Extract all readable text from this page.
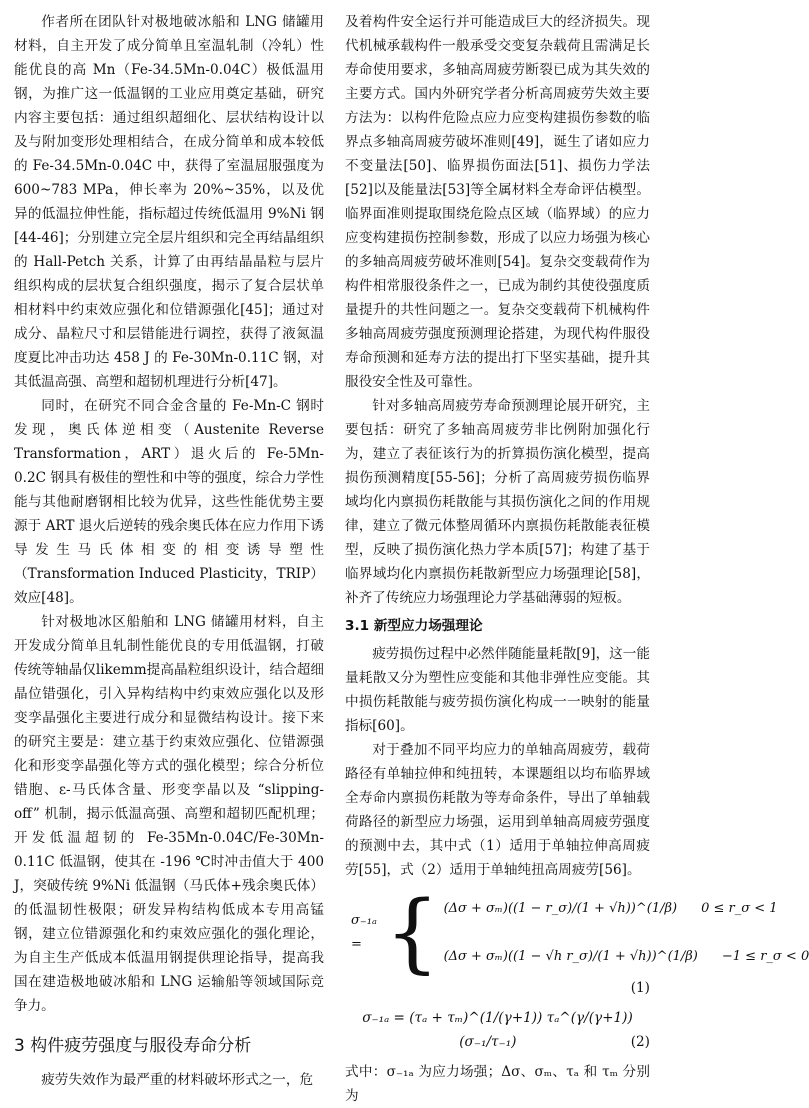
作者所在团队针对极地破冰船和 LNG 储罐用材料，自主开发了成分简单且室温轧制（冷轧）性能优良的高 Mn（Fe-34.5Mn-0.04C）极低温用钢，为推广这一低温钢的工业应用奠定基础，研究内容主要包括：通过组织超细化、层状结构设计以及与附加变形处理相结合，在成分简单和成本较低的 Fe-34.5Mn-0.04C 中，获得了室温屈服强度为 600~783 MPa，伸长率为 20%~35%，以及优异的低温拉伸性能，指标超过传统低温用 9%Ni 钢[44-46]；分别建立完全层片组织和完全再结晶组织的 Hall-Petch 关系，计算了由再结晶晶粒与层片组织构成的层状复合组织强度，揭示了复合层状单相材料中约束效应强化和位错源强化[45]；通过对成分、晶粒尺寸和层错能进行调控，获得了液氮温度夏比冲击功达 458 J 的 Fe-30Mn-0.11C 钢，对其低温高强、高塑和超韧机理进行分析[47]。

同时，在研究不同合金含量的 Fe-Mn-C 钢时发现，奥氏体逆相变（Austenite Reverse Transformation，ART）退火后的 Fe-5Mn-0.2C 钢具有极佳的塑性和中等的强度，综合力学性能与其他耐磨钢相比较为优异，这些性能优势主要源于 ART 退火后逆转的残余奥氏体在应力作用下诱导发生马氏体相变的相变诱导塑性（Transformation Induced Plasticity，TRIP）效应[48]。

针对极地冰区船舶和 LNG 储罐用材料，自主开发成分简单且轧制性能优良的专用低温钢，打破传统等轴晶仅likemm提高晶粒组织设计，结合超细晶位错强化，引入异构结构中约束效应强化以及形变孪晶强化主要进行成分和显微结构设计。接下来的研究主要是：建立基于约束效应强化、位错源强化和形变孪晶强化等方式的强化模型；综合分析位错胞、ε-马氏体含量、形变孪晶以及 “slipping-off” 机制，揭示低温高强、高塑和超韧匹配机理；开发低温超韧的 Fe-35Mn-0.04C/Fe-30Mn-0.11C 低温钢，使其在 -196 ℃时冲击值大于 400 J，突破传统 9%Ni 低温钢（马氏体+残余奥氏体）的低温韧性极限；研发异构结构低成本专用高锰钢，建立位错源强化和约束效应强化的强化理论，为自主生产低成本低温用钢提供理论指导，提高我国在建造极地破冰船和 LNG 运输船等领域国际竞争力。

3 构件疲劳强度与服役寿命分析

疲劳失效作为最严重的材料破坏形式之一，危

及着构件安全运行并可能造成巨大的经济损失。现代机械承载构件一般承受交变复杂载荷且需满足长寿命使用要求，多轴高周疲劳断裂已成为其失效的主要方式。国内外研究学者分析高周疲劳失效主要方法为：以构件危险点应力应变构建损伤参数的临界点多轴高周疲劳破坏准则[49]，诞生了诸如应力不变量法[50]、临界损伤面法[51]、损伤力学法[52]以及能量法[53]等全属材料全寿命评估模型。临界面准则提取围绕危险点区域（临界域）的应力应变构建损伤控制参数，形成了以应力场强为核心的多轴高周疲劳破坏准则[54]。复杂交变载荷作为构件相常服役条件之一，已成为制约其使役强度质量提升的共性问题之一。复杂交变载荷下机械构件多轴高周疲劳强度预测理论搭建，为现代构件服役寿命预测和延寿方法的提出打下坚实基础，提升其服役安全性及可靠性。

针对多轴高周疲劳寿命预测理论展开研究，主要包括：研究了多轴高周疲劳非比例附加强化行为，建立了表征该行为的折算损伤演化模型，提高损伤预测精度[55-56]；分析了高周疲劳损伤临界域均化内禀损伤耗散能与其损伤演化之间的作用规律，建立了微元体整周循环内禀损伤耗散能表征模型，反映了损伤演化热力学本质[57]；构建了基于临界域均化内禀损伤耗散新型应力场强理论[58]，补齐了传统应力场强理论力学基础薄弱的短板。

3.1 新型应力场强理论

疲劳损伤过程中必然伴随能量耗散[9]，这一能量耗散又分为塑性应变能和其他非弹性应变能。其中损伤耗散能与疲劳损伤演化构成一一映射的能量指标[60]。

对于叠加不同平均应力的单轴高周疲劳，载荷路径有单轴拉伸和纯扭转，本课题组以均布临界域全寿命内禀损伤耗散为等寿命条件，导出了单轴载荷路径的新型应力场强，运用到单轴高周疲劳强度的预测中去，其中式（1）适用于单轴拉伸高周疲劳[55]，式（2）适用于单轴纯扭高周疲劳[56]。

σ₋₁ₐ = { (Δσ + σₘ)((1 − r_σ)/(1 + √h))^(1/β) 0 ≤ r_σ < 1
(Δσ + σₘ)((1 − √h r_σ)/(1 + √h))^(1/β) −1 ≤ r_σ < 0
(1)
σ₋₁ₐ = (τₐ + τₘ)^(1/(γ+1)) τₐ^(γ/(γ+1)) (σ₋₁/τ₋₁)	(2)

式中：σ₋₁ₐ 为应力场强；Δσ、σₘ、τₐ 和 τₘ 分别为
